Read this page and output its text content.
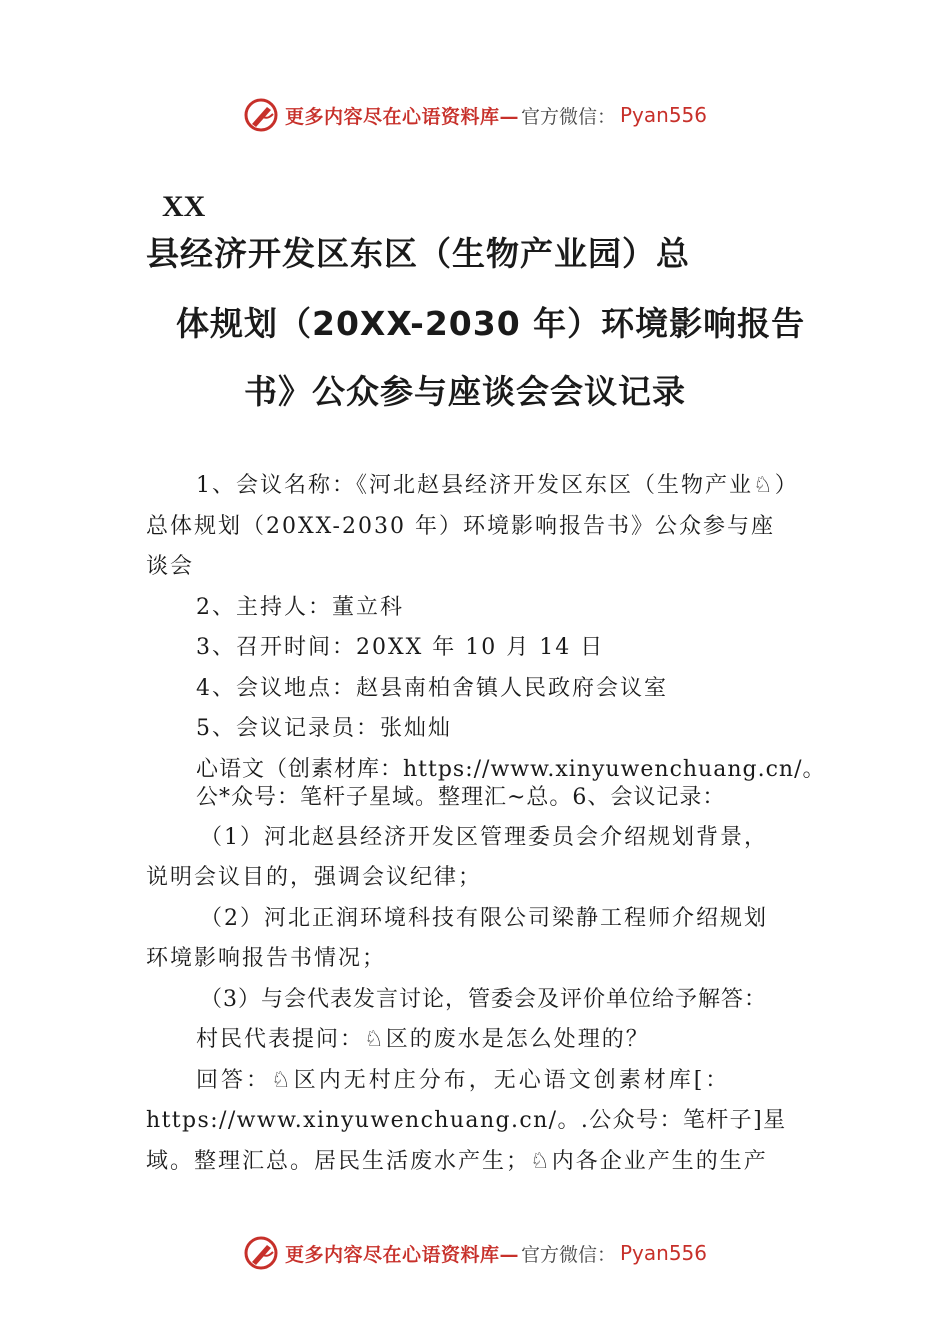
更多内容尽在心语资料库— 官方微信： Pyan556
XX
县经济开发区东区（生物产业园）总
体规划（20XX-2030 年）环境影响报告
书》公众参与座谈会会议记录

1、会议名称：《河北赵县经济开发区东区（生物产业♘）

总体规划（20XX-2030 年）环境影响报告书》公众参与座

谈会

2、主持人：董立科

3、召开时间：20XX 年 10 月 14 日

4、会议地点：赵县南柏舍镇人民政府会议室

5、会议记录员：张灿灿

心语文（创素材库：https://www.xinyuwenchuang.cn/。

公*众号：笔杆子星域。整理汇~总。6、会议记录：

（1）河北赵县经济开发区管理委员会介绍规划背景，

说明会议目的，强调会议纪律；

（2）河北正润环境科技有限公司梁静工程师介绍规划

环境影响报告书情况；

（3）与会代表发言讨论，管委会及评价单位给予解答：

村民代表提问：♘区的废水是怎么处理的？

回答：♘区内无村庄分布，无心语文创素材库[：

https://www.xinyuwenchuang.cn/。.公众号：笔杆子]星

域。整理汇总。居民生活废水产生；♘内各企业产生的生产

更多内容尽在心语资料库— 官方微信： Pyan556
